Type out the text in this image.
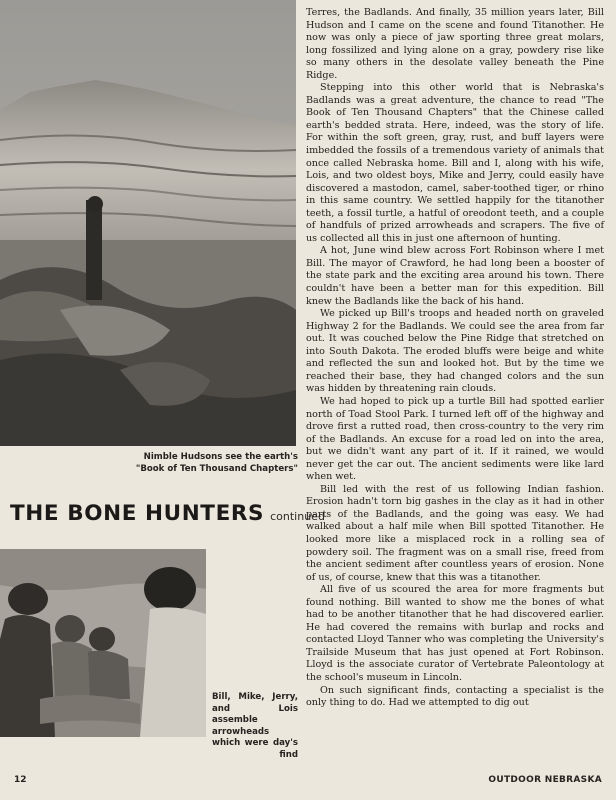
Nimble Hudsons see the earth's "Book of Ten Thousand Chapters"
THE BONE HUNTERS continued
Bill, Mike, Jerry, and Lois assemble arrowheads which were day's find

Terres, the Badlands. And finally, 35 million years later, Bill Hudson and I came on the scene and found Titanother. He now was only a piece of jaw sporting three great molars, long fossilized and lying alone on a gray, powdery rise like so many others in the desolate valley beneath the Pine Ridge.

Stepping into this other world that is Nebraska's Badlands was a great adventure, the chance to read "The Book of Ten Thousand Chapters" that the Chinese called earth's bedded strata. Here, indeed, was the story of life. For within the soft green, gray, rust, and buff layers were imbedded the fossils of a tremendous variety of animals that once called Nebraska home. Bill and I, along with his wife, Lois, and two oldest boys, Mike and Jerry, could easily have discovered a mastodon, camel, saber-toothed tiger, or rhino in this same country. We settled happily for the titanother teeth, a fossil turtle, a hatful of oreodont teeth, and a couple of handfuls of prized arrowheads and scrapers. The five of us collected all this in just one afternoon of hunting.

A hot, June wind blew across Fort Robinson where I met Bill. The mayor of Crawford, he had long been a booster of the state park and the exciting area around his town. There couldn't have been a better man for this expedition. Bill knew the Badlands like the back of his hand.

We picked up Bill's troops and headed north on graveled Highway 2 for the Badlands. We could see the area from far out. It was couched below the Pine Ridge that stretched on into South Dakota. The eroded bluffs were beige and white and reflected the sun and looked hot. But by the time we reached their base, they had changed colors and the sun was hidden by threatening rain clouds.

We had hoped to pick up a turtle Bill had spotted earlier north of Toad Stool Park. I turned left off of the highway and drove first a rutted road, then cross-country to the very rim of the Badlands. An excuse for a road led on into the area, but we didn't want any part of it. If it rained, we would never get the car out. The ancient sediments were like lard when wet.

Bill led with the rest of us following Indian fashion. Erosion hadn't torn big gashes in the clay as it had in other parts of the Badlands, and the going was easy. We had walked about a half mile when Bill spotted Titanother. He looked more like a misplaced rock in a rolling sea of powdery soil. The fragment was on a small rise, freed from the ancient sediment after countless years of erosion. None of us, of course, knew that this was a titanother.

All five of us scoured the area for more fragments but found nothing. Bill wanted to show me the bones of what had to be another titanother that he had discovered earlier. He had covered the remains with burlap and rocks and contacted Lloyd Tanner who was completing the University's Trailside Museum that has just opened at Fort Robinson. Lloyd is the associate curator of Vertebrate Paleontology at the school's museum in Lincoln.

On such significant finds, contacting a specialist is the only thing to do. Had we attempted to dig out

12	OUTDOOR NEBRASKA
